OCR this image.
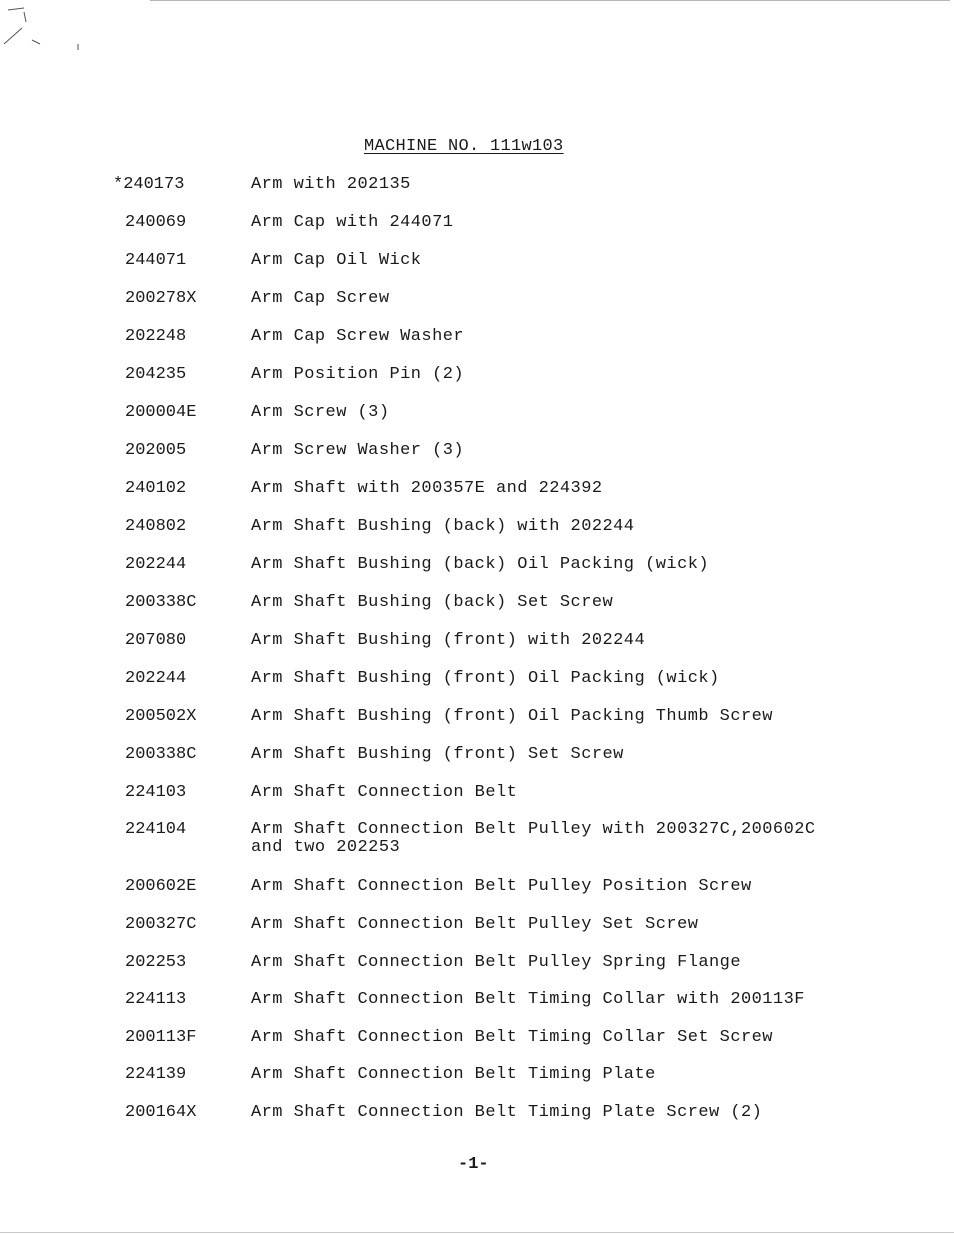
MACHINE NO. 111w103
*240173	Arm with 202135
240069	Arm Cap with 244071
244071	Arm Cap Oil Wick
200278X	Arm Cap Screw
202248	Arm Cap Screw Washer
204235	Arm Position Pin (2)
200004E	Arm Screw (3)
202005	Arm Screw Washer (3)
240102	Arm Shaft with 200357E and 224392
240802	Arm Shaft Bushing (back) with 202244
202244	Arm Shaft Bushing (back) Oil Packing (wick)
200338C	Arm Shaft Bushing (back) Set Screw
207080	Arm Shaft Bushing (front) with 202244
202244	Arm Shaft Bushing (front) Oil Packing (wick)
200502X	Arm Shaft Bushing (front) Oil Packing Thumb Screw
200338C	Arm Shaft Bushing (front) Set Screw
224103	Arm Shaft Connection Belt
224104	Arm Shaft Connection Belt Pulley with 200327C,200602C
and two 202253
200602E	Arm Shaft Connection Belt Pulley Position Screw
200327C	Arm Shaft Connection Belt Pulley Set Screw
202253	Arm Shaft Connection Belt Pulley Spring Flange
224113	Arm Shaft Connection Belt Timing Collar with 200113F
200113F	Arm Shaft Connection Belt Timing Collar Set Screw
224139	Arm Shaft Connection Belt Timing Plate
200164X	Arm Shaft Connection Belt Timing Plate Screw (2)
-1-
